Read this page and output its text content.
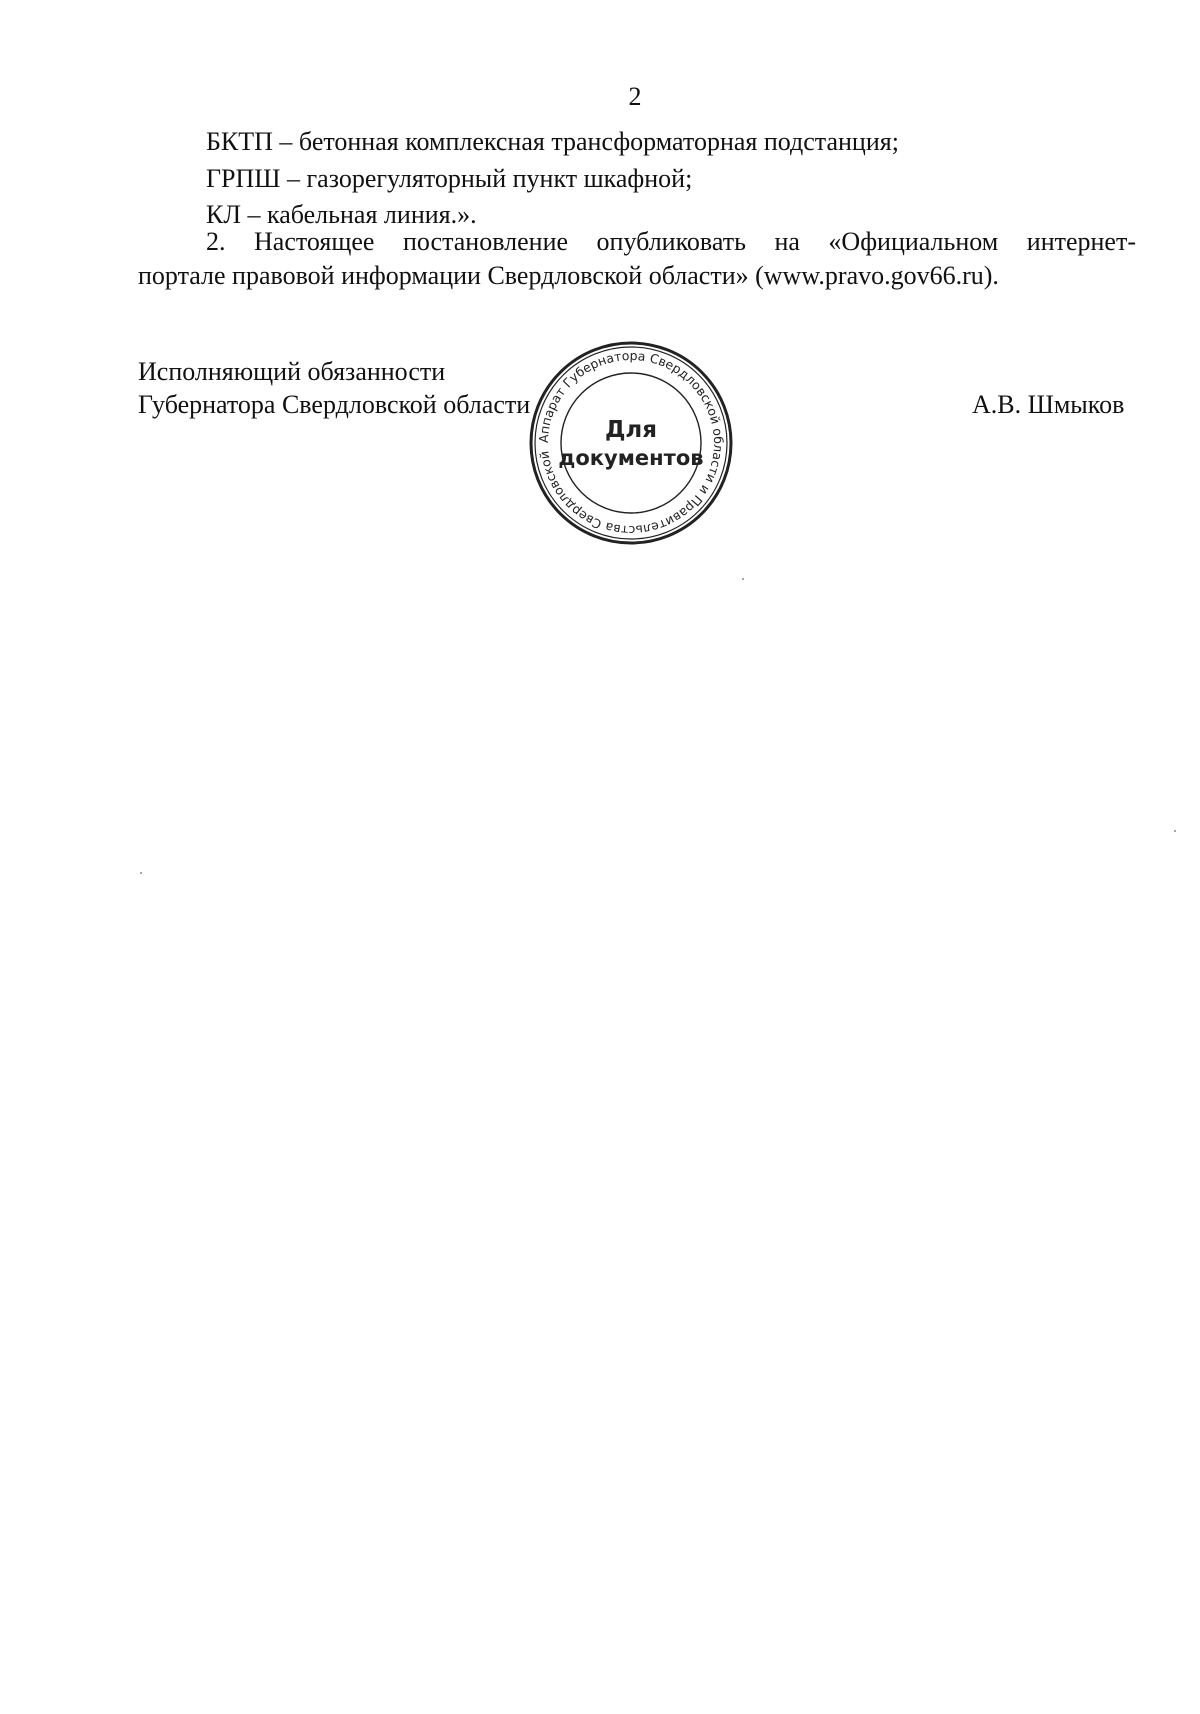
2
БКТП – бетонная комплексная трансформаторная подстанция;
ГРПШ – газорегуляторный пункт шкафной;
КЛ – кабельная линия.».
2. Настоящее постановление опубликовать на «Официальном интернет-
портале правовой информации Свердловской области» (www.pravo.gov66.ru).
Исполняющий обязанности
Губернатора Свердловской области	А.В. Шмыков
Аппарат Губернатора Свердловской области и Правительства Свердловской
Для
документов
